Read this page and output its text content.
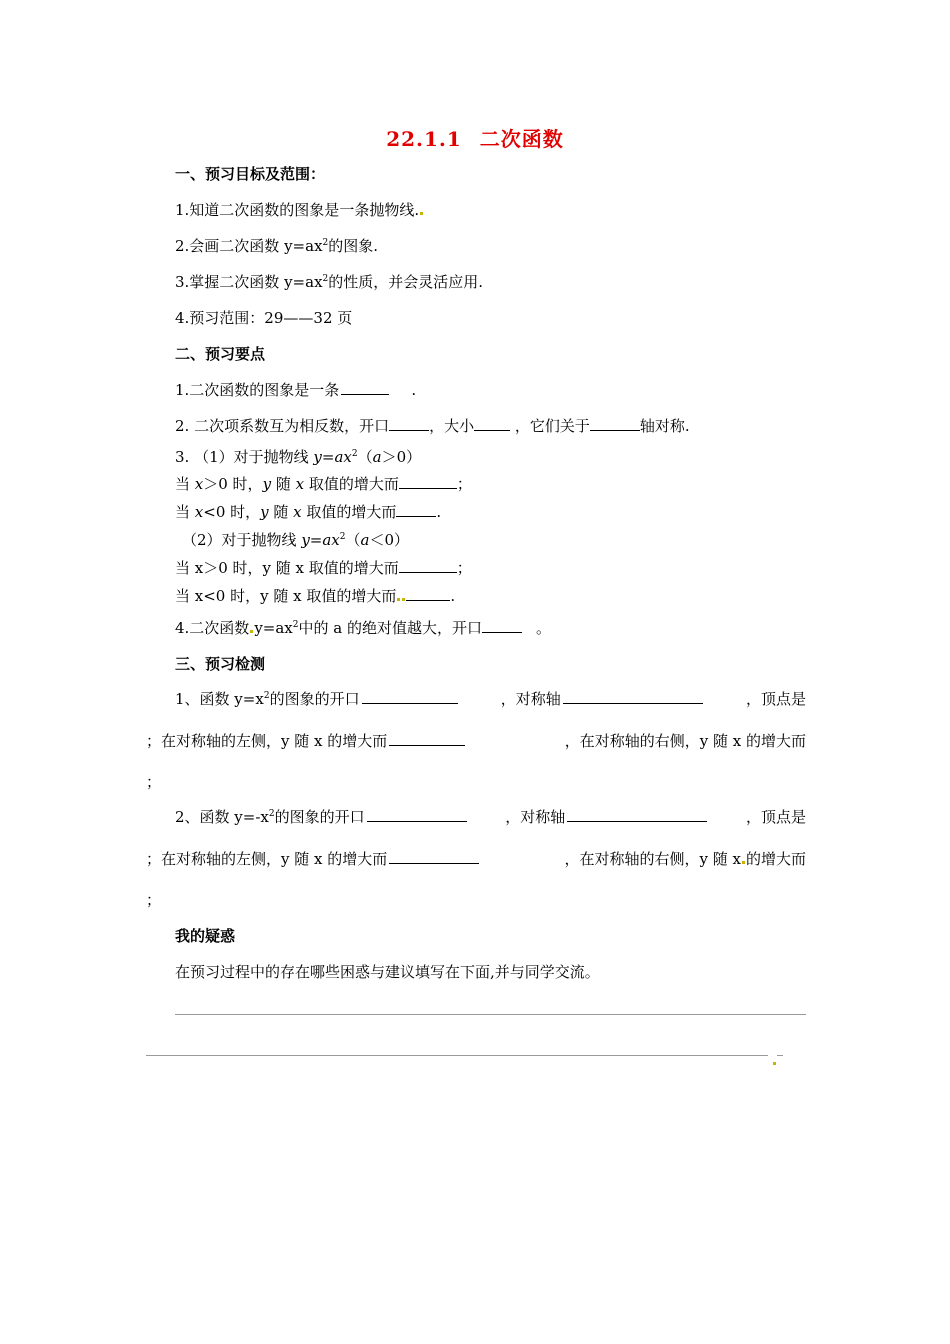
22.1.1 二次函数
一、预习目标及范围：
1.知道二次函数的图象是一条抛物线.
2.会画二次函数 $y=ax^2$的图象.
3.掌握二次函数 $y=ax^2$的性质，并会灵活应用.
4.预习范围：29——32 页
二、预习要点
1.二次函数的图象是一条	.
2. 二次项系数互为相反数，开口	，大小 ，它们关于	轴对称.
3. （1）对于抛物线 $y=ax^2(a>0)$
当 x＞0 时，y 随 x 取值的增大而	；
当 x<0 时，y 随 x 取值的增大而	.
（2）对于抛物线 $y=ax^2(a<0)$
当 x＞0 时，y 随 x 取值的增大而	；
当 x<0 时，y 随 x 取值的增大而	.
4.二次函数 $y=ax^2$中的 a 的绝对值越大，开口	。
三、预习检测
1、函数 $y=x^2$的图象的开口	，对称轴	，顶点是
；在对称轴的左侧，y 随 x 的增大而	，在对称轴的右侧，y 随 x 的增大而
；
2、函数 $y=-x^2$的图象的开口	，对称轴	，顶点是
；在对称轴的左侧，y 随 x 的增大而	，在对称轴的右侧，y 随 x 的增大而
；
我的疑惑
在预习过程中的存在哪些困惑与建议填写在下面,并与同学交流。
